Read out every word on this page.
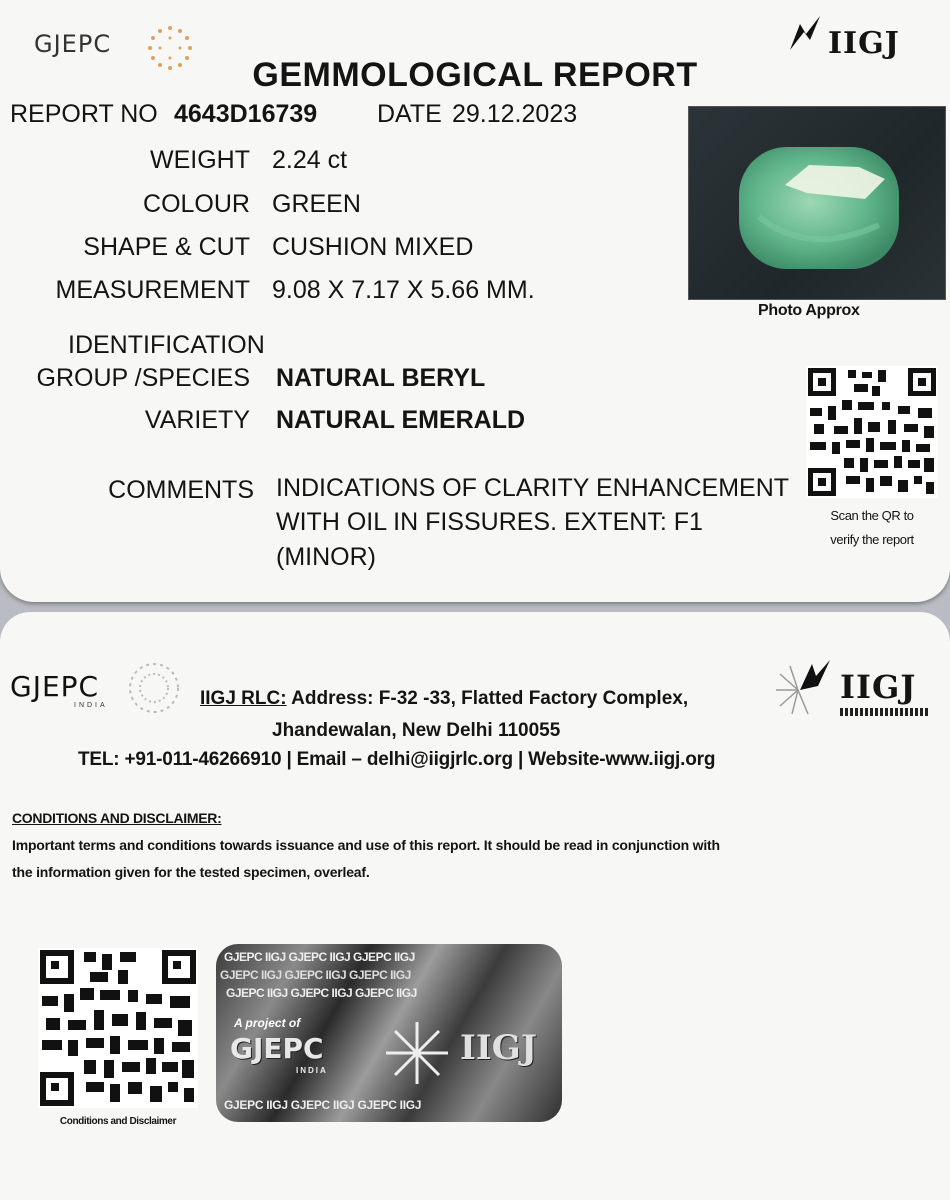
GJEPC	IIGJ
GEMMOLOGICAL REPORT
REPORT NO 4643D16739 DATE 29.12.2023
WEIGHT 2.24 ct
COLOUR GREEN
SHAPE & CUT CUSHION MIXED
MEASUREMENT 9.08 X 7.17 X 5.66 MM.
IDENTIFICATION
GROUP /SPECIES NATURAL BERYL
VARIETY NATURAL EMERALD
COMMENTS INDICATIONS OF CLARITY ENHANCEMENT
WITH OIL IN FISSURES. EXTENT: F1
(MINOR)
Photo Approx
Scan the QR to
verify the report
GJEPC
INDIA	IIGJ
IIGJ RLC: Address: F-32 -33, Flatted Factory Complex,
Jhandewalan, New Delhi 110055
TEL: +91-011-46266910 | Email – delhi@iigjrlc.org | Website-www.iigj.org
CONDITIONS AND DISCLAIMER:
Important terms and conditions towards issuance and use of this report. It should be read in conjunction with
the information given for the tested specimen, overleaf.
Conditions and Disclaimer
GJEPC IIGJ GJEPC IIGJ GJEPC IIGJ
GJEPC IIGJ GJEPC IIGJ GJEPC IIGJ
GJEPC IIGJ GJEPC IIGJ GJEPC IIGJ
A project of
GJEPC
INDIA
IIGJ
GJEPC IIGJ GJEPC IIGJ GJEPC IIGJ
